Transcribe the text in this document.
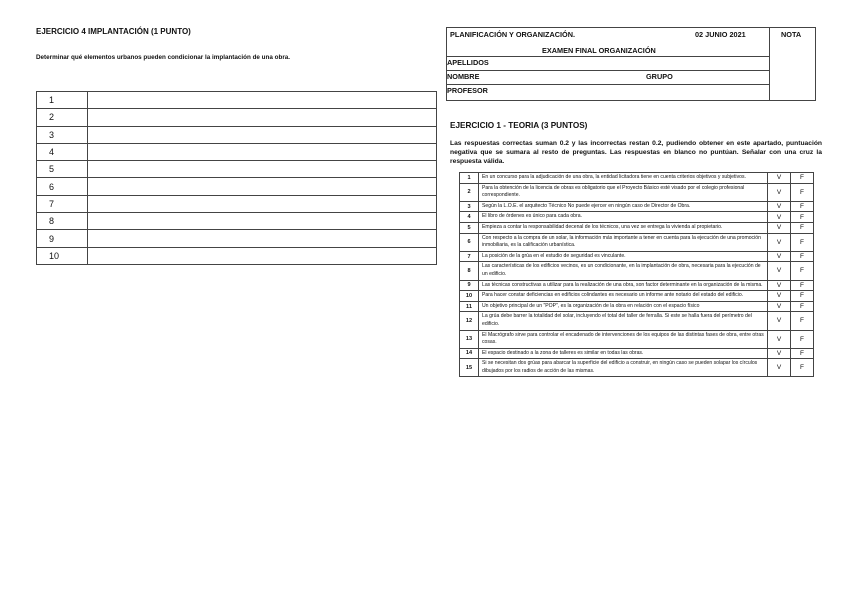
EJERCICIO 4 IMPLANTACIÓN (1 PUNTO)
Determinar qué elementos urbanos pueden condicionar la implantación de una obra.
1	
2	
3	
4	
5	
6	
7	
8	
9	
10	
PLANIFICACIÓN Y ORGANIZACIÓN.	02 JUNIO 2021	NOTA
EXAMEN FINAL ORGANIZACIÓN
APELLIDOS
NOMBRE	GRUPO
PROFESOR
EJERCICIO 1 - TEORIA (3 PUNTOS)
Las respuestas correctas suman 0.2 y las incorrectas restan 0.2, pudiendo obtener en este apartado, puntuación negativa que se sumara al resto de preguntas. Las respuestas en blanco no puntúan. Señalar con una cruz la respuesta válida.
1	En un concurso para la adjudicación de una obra, la entidad licitadora tiene en cuenta criterios objetivos y subjetivos.	V	F
2	Para la obtención de la licencia de obras es obligatorio que el Proyecto Básico esté visado por el colegio profesional correspondiente.	V	F
3	Según la L.O.E. el arquitecto Técnico No puede ejercer en ningún caso de Director de Obra.	V	F
4	El libro de órdenes es único para cada obra.	V	F
5	Empieza a contar la responsabilidad decenal de los técnicos, una vez se entrega la vivienda al propietario.	V	F
6	Con respecto a la compra de un solar, la información más importante a tener en cuenta para la ejecución de una promoción inmobiliaria, es la calificación urbanística.	V	F
7	La posición de la grúa en el estudio de seguridad es vinculante.	V	F
8	Las características de los edificios vecinos, es un condicionante, en la implantación de obra, necesaria para la ejecución de un edificio.	V	F
9	Las técnicas constructivas a utilizar para la realización de una obra, son factor determinante en la organización de la misma.	V	F
10	Para hacer constar deficiencias en edificios colindantes es necesario un informe ante notario del estado del edificio.	V	F
11	Un objetivo principal de un "POP", es la organización de la obra en relación con el espacio físico	V	F
12	La grúa debe barrer la totalidad del solar, incluyendo el total del taller de ferralla. Si este se halla fuera del perímetro del edificio.	V	F
13	El Macrógrafo sirve para controlar el encadenado de intervenciones de los equipos de las distintas fases de obra, entre otras cosas.	V	F
14	El espacio destinado a la zona de talleres es similar en todas las obras.	V	F
15	Si se necesitan dos grúas para abarcar la superficie del edificio a construir, en ningún caso se pueden solapar los círculos dibujados por los radios de acción de las mismas.	V	F
